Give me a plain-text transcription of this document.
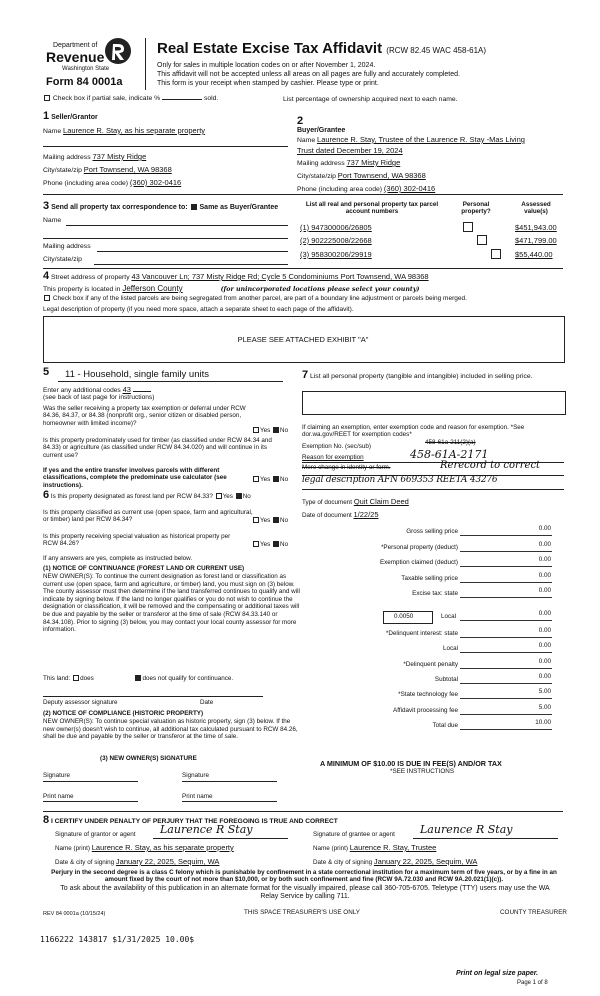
Department of
Revenue
Washington State
Form 84 0001a
Real Estate Excise Tax Affidavit (RCW 82.45 WAC 458-61A)
Only for sales in multiple location codes on or after November 1, 2024.
This affidavit will not be accepted unless all areas on all pages are fully and accurately completed.
This form is your receipt when stamped by cashier. Please type or print.
Check box if partial sale, indicate %	sold.	List percentage of ownership acquired next to each name.
1 Seller/Grantor
Name Laurence R. Stay, as his separate property
Mailing address 737 Misty Ridge
City/state/zip Port Townsend, WA 98368
Phone (including area code) (360) 302-0416
2
Buyer/Grantee
Name Laurence R. Stay, Trustee of the Laurence R. Stay -Mas Living
Trust dated December 19, 2024
Mailing address 737 Misty Ridge
City/state/zip Port Townsend, WA 98368
Phone (including area code) (360) 302-0416
3 Send all property tax correspondence to: Same as Buyer/Grantee
Name
Mailing address
City/state/zip
List all real and personal property tax parcel account numbers
Personal property?
Assessed value(s)
(1) 947300006/26805
	$451,943.00
(2) 902225008/22668
	$471,799.00
(3) 958300206/29919	$55,440.00
4 Street address of property 43 Vancouver Ln; 737 Misty Ridge Rd; Cycle 5 Condominiums Port Townsend, WA 98368
This property is located in Jefferson County	(for unincorporated locations please select your county)
Check box if any of the listed parcels are being segregated from another parcel, are part of a boundary line adjustment or parcels being merged.
Legal description of property (if you need more space, attach a separate sheet to each page of the affidavit).
PLEASE SEE ATTACHED EXHIBIT "A"
5 11 - Household, single family units
Enter any additional codes 43
(see back of last page for instructions)
Was the seller receiving a property tax exemption or deferral under RCW 84.36, 84.37, or 84.38 (nonprofit org., senior citizen or disabled person, homeowner with limited income)?
Yes No
Is this property predominately used for timber (as classified under RCW 84.34 and 84.33) or agriculture (as classified under RCW 84.34.020) and will continue in its current use?
If yes and the entire transfer involves parcels with different classifications, complete the predominate use calculator (see instructions).
Yes No
6 Is this property designated as forest land per RCW 84.33? Yes No
Is this property classified as current use (open space, farm and agricultural, or timber) land per RCW 84.34?	Yes No
Is this property receiving special valuation as historical property per RCW 84.26?	Yes No
If any answers are yes, complete as instructed below.
(1) NOTICE OF CONTINUANCE (FOREST LAND OR CURRENT USE)
NEW OWNER(S): To continue the current designation as forest land or classification as current use (open space, farm and agriculture, or timber) land, you must sign on (3) below. The county assessor must then determine if the land transferred continues to qualify and will indicate by signing below. If the land no longer qualifies or you do not wish to continue the designation or classification, it will be removed and the compensating or additional taxes will be due and payable by the seller or transferor at the time of sale (RCW 84.33.140 or 84.34.108). Prior to signing (3) below, you may contact your local county assessor for more information.
This land: does	does not qualify for continuance.
Deputy assessor signature	Date
(2) NOTICE OF COMPLIANCE (HISTORIC PROPERTY)
NEW OWNER(S): To continue special valuation as historic property, sign (3) below. If the new owner(s) doesn't wish to continue, all additional tax calculated pursuant to RCW 84.26, shall be due and payable by the seller or transferor at the time of sale.
(3) NEW OWNER(S) SIGNATURE
Signature	Signature
Print name	Print name
7 List all personal property (tangible and intangible) included in selling price.
If claiming an exemption, enter exemption code and reason for exemption. *See dor.wa.gov/REET for exemption codes*
Exemption No. (sec/sub)
458-61a-211(2)(a)
458-61A-2171
Reason for exemption
Mere change in identity or form.	Rerecord to correct
legal description AFN 669353 REETA 43276
Type of document Quit Claim Deed
Date of document 1/22/25
Gross selling price	0.00
*Personal property (deduct)	0.00
Exemption claimed (deduct)	0.00
Taxable selling price	0.00
Excise tax: state	0.00
0.0050	Local	0.00
*Delinquent interest: state	0.00
Local	0.00
*Delinquent penalty	0.00
Subtotal	0.00
*State technology fee	5.00
Affidavit processing fee	5.00
Total due	10.00
A MINIMUM OF $10.00 IS DUE IN FEE(S) AND/OR TAX
*SEE INSTRUCTIONS
8 I CERTIFY UNDER PENALTY OF PERJURY THAT THE FOREGOING IS TRUE AND CORRECT
Signature of grantor or agent Laurence R Stay	Signature of grantee or agent Laurence R Stay
Name (print) Laurence R. Stay, as his separate property	Name (print) Laurence R. Stay, Trustee
Date & city of signing January 22, 2025, Sequim, WA	Date & city of signing January 22, 2025, Sequim, WA
Perjury in the second degree is a class C felony which is punishable by confinement in a state correctional institution for a maximum term of five years, or by a fine in an amount fixed by the court of not more than $10,000, or by both such confinement and fine (RCW 9A.72.030 and RCW 9A.20.021(1)(c)).
To ask about the availability of this publication in an alternate format for the visually impaired, please call 360-705-6705. Teletype (TTY) users may use the WA Relay Service by calling 711.
REV 84 0001a (10/15/24)	THIS SPACE TREASURER'S USE ONLY	COUNTY TREASURER
1166222 143817 $1/31/2025 10.00$
Print on legal size paper.
Page 1 of 8
